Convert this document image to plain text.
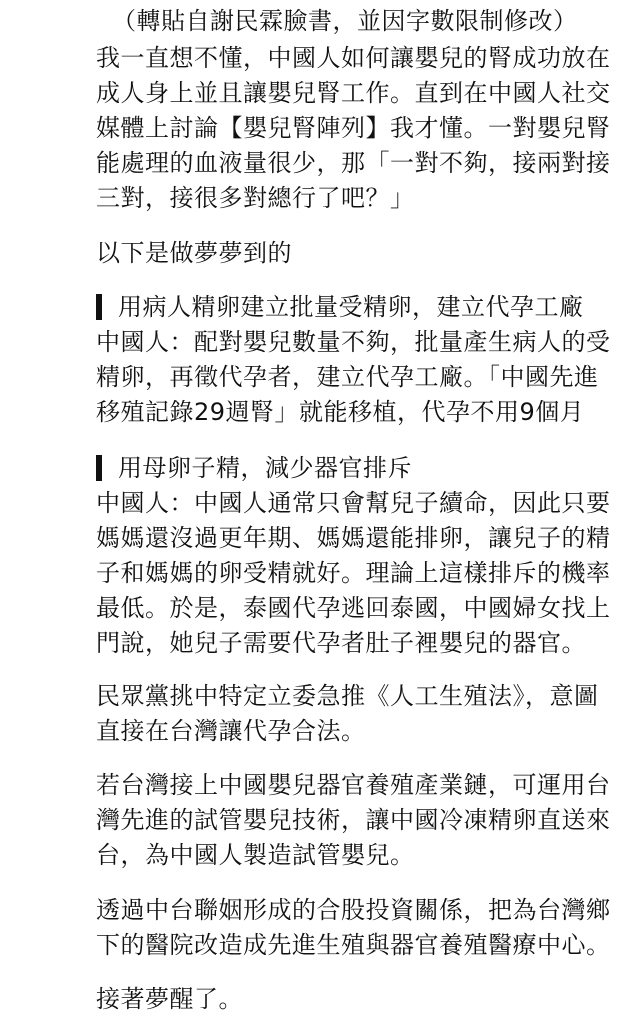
（轉貼自謝民霖臉書，並因字數限制修改）
我一直想不懂，中國人如何讓嬰兒的腎成功放在
成人身上並且讓嬰兒腎工作。直到在中國人社交
媒體上討論【嬰兒腎陣列】我才懂。一對嬰兒腎
能處理的血液量很少，那「一對不夠，接兩對接
三對，接很多對總行了吧？」
以下是做夢夢到的
用病人精卵建立批量受精卵，建立代孕工廠
中國人：配對嬰兒數量不夠，批量產生病人的受
精卵，再徵代孕者，建立代孕工廠。「中國先進
移殖記錄29週腎」就能移植，代孕不用9個月
用母卵子精，減少器官排斥
中國人：中國人通常只會幫兒子續命，因此只要
媽媽還沒過更年期、媽媽還能排卵，讓兒子的精
子和媽媽的卵受精就好。理論上這樣排斥的機率
最低。於是，泰國代孕逃回泰國，中國婦女找上
門說，她兒子需要代孕者肚子裡嬰兒的器官。
民眾黨挑中特定立委急推《人工生殖法》，意圖
直接在台灣讓代孕合法。
若台灣接上中國嬰兒器官養殖產業鏈，可運用台
灣先進的試管嬰兒技術，讓中國冷凍精卵直送來
台，為中國人製造試管嬰兒。
透過中台聯姻形成的合股投資關係，把為台灣鄉
下的醫院改造成先進生殖與器官養殖醫療中心。
接著夢醒了。
